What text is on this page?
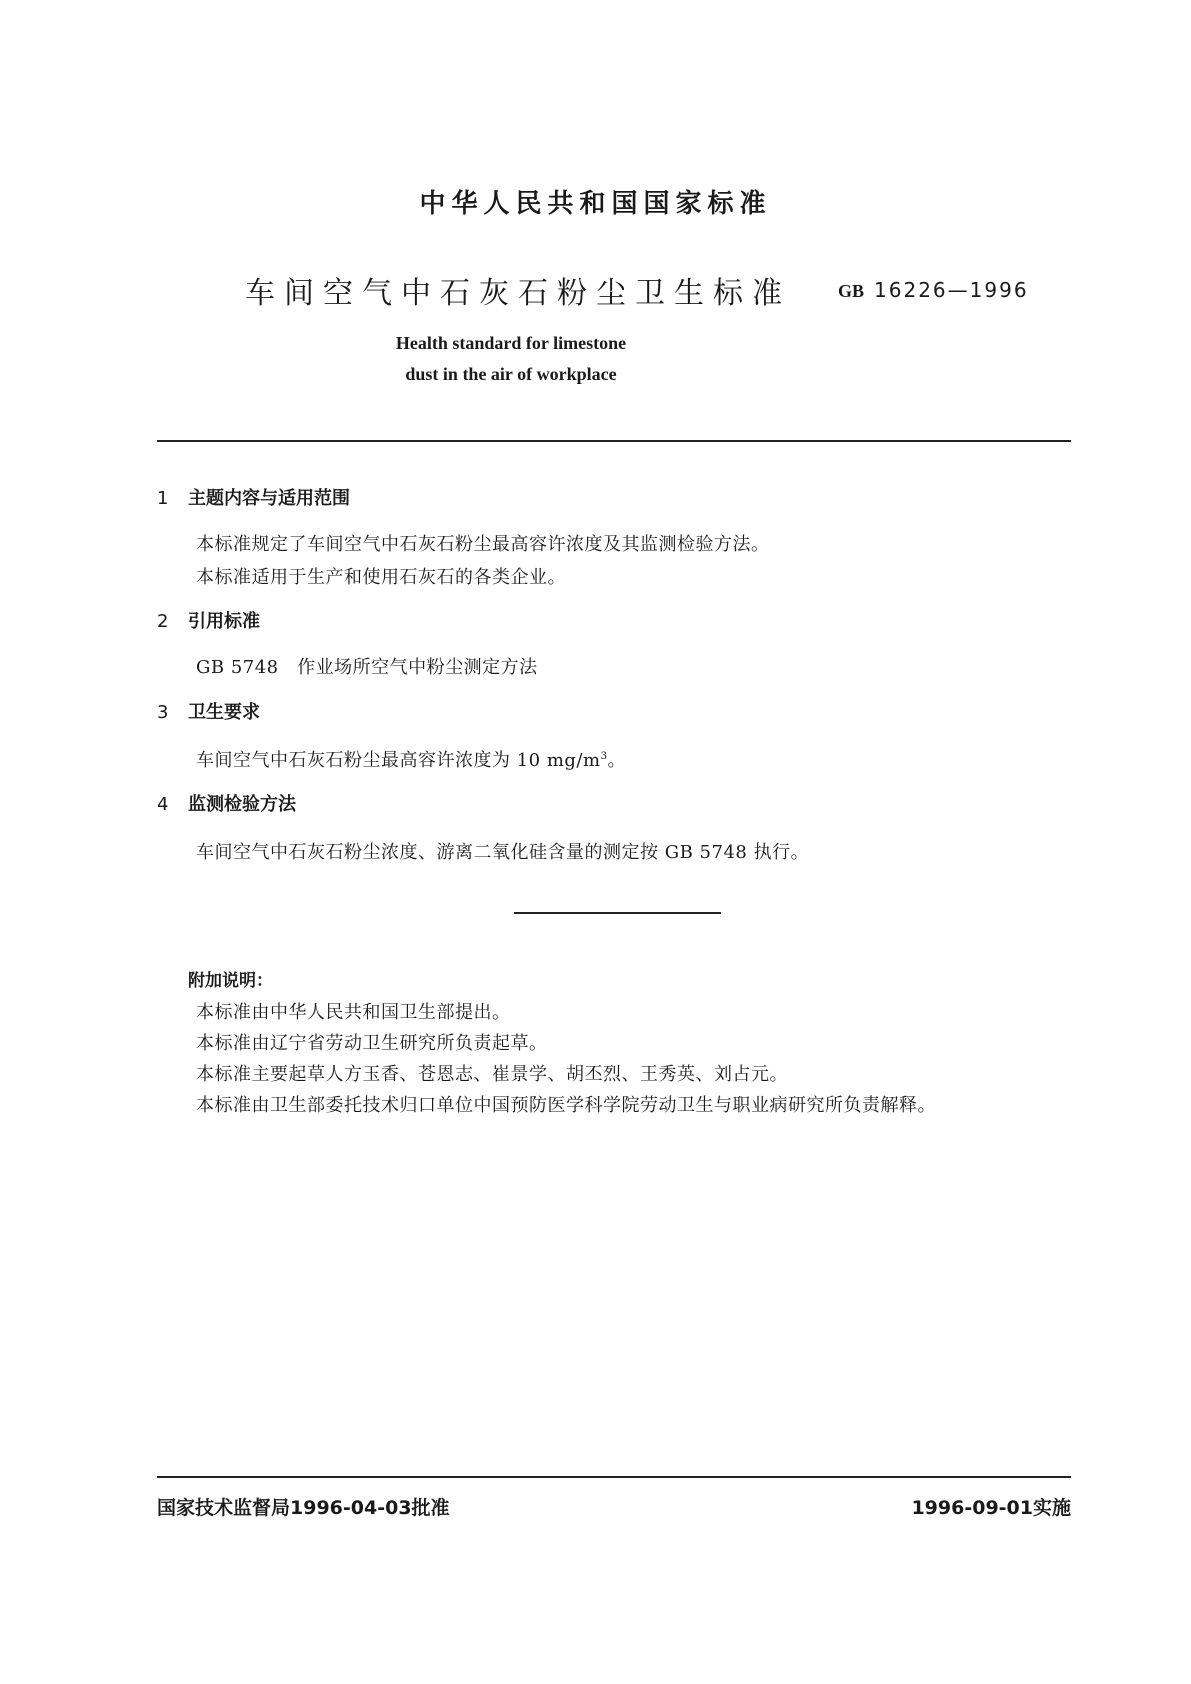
中华人民共和国国家标准
车间空气中石灰石粉尘卫生标准	GB 16226—1996
Health standard for limestone
dust in the air of workplace
1 主题内容与适用范围
本标准规定了车间空气中石灰石粉尘最高容许浓度及其监测检验方法。
本标准适用于生产和使用石灰石的各类企业。
2 引用标准
GB 5748　作业场所空气中粉尘测定方法
3 卫生要求
车间空气中石灰石粉尘最高容许浓度为 10 $mg/m^3$。
4 监测检验方法
车间空气中石灰石粉尘浓度、游离二氧化硅含量的测定按 GB 5748 执行。
附加说明：
本标准由中华人民共和国卫生部提出。
本标准由辽宁省劳动卫生研究所负责起草。
本标准主要起草人方玉香、苍恩志、崔景学、胡丕烈、王秀英、刘占元。
本标准由卫生部委托技术归口单位中国预防医学科学院劳动卫生与职业病研究所负责解释。
国家技术监督局1996-04-03批准	1996-09-01实施
